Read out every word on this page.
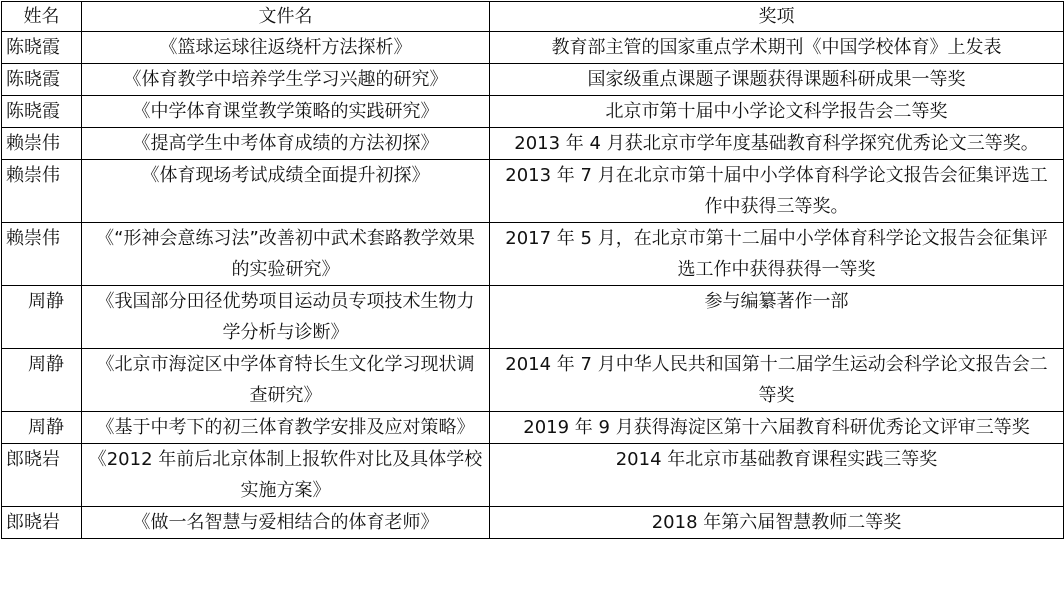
姓名	文件名	奖项
陈晓霞	《篮球运球往返绕杆方法探析》	教育部主管的国家重点学术期刊《中国学校体育》上发表
陈晓霞	《体育教学中培养学生学习兴趣的研究》	国家级重点课题子课题获得课题科研成果一等奖
陈晓霞	《中学体育课堂教学策略的实践研究》	北京市第十届中小学论文科学报告会二等奖
赖崇伟	《提高学生中考体育成绩的方法初探》	2013 年 4 月获北京市学年度基础教育科学探究优秀论文三等奖。
赖崇伟	《体育现场考试成绩全面提升初探》	2013 年 7 月在北京市第十届中小学体育科学论文报告会征集评选工作中获得三等奖。
赖崇伟	《“形神会意练习法”改善初中武术套路教学效果的实验研究》	2017 年 5 月，在北京市第十二届中小学体育科学论文报告会征集评选工作中获得获得一等奖
周静	《我国部分田径优势项目运动员专项技术生物力学分析与诊断》	参与编纂著作一部
周静	《北京市海淀区中学体育特长生文化学习现状调查研究》	2014 年 7 月中华人民共和国第十二届学生运动会科学论文报告会二等奖
周静	《基于中考下的初三体育教学安排及应对策略》	2019 年 9 月获得海淀区第十六届教育科研优秀论文评审三等奖
郎晓岩	《2012 年前后北京体制上报软件对比及具体学校实施方案》	2014 年北京市基础教育课程实践三等奖
郎晓岩	《做一名智慧与爱相结合的体育老师》	2018 年第六届智慧教师二等奖
